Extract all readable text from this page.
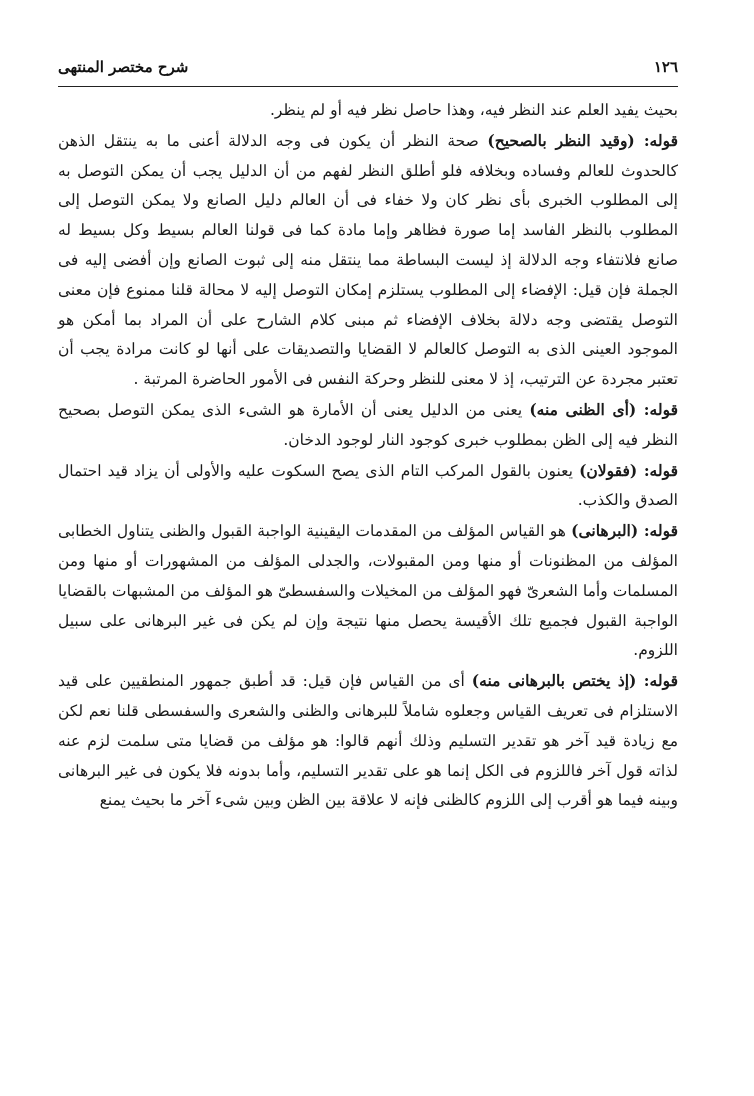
١٢٦
شرح مختصر المنتهى

بحيث يفيد العلم عند النظر فيه، وهذا حاصل نظر فيه أو لم ينظر.

قوله: (وقيد النظر بالصحيح) صحة النظر أن يكون فى وجه الدلالة أعنى ما به ينتقل الذهن كالحدوث للعالم وفساده وبخلافه فلو أطلق النظر لفهم من أن الدليل يجب أن يمكن التوصل به إلى المطلوب الخبرى بأى نظر كان ولا خفاء فى أن العالم دليل الصانع ولا يمكن التوصل إلى المطلوب بالنظر الفاسد إما صورة فظاهر وإما مادة كما فى قولنا العالم بسيط وكل بسيط له صانع فلانتفاء وجه الدلالة إذ ليست البساطة مما ينتقل منه إلى ثبوت الصانع وإن أفضى إليه فى الجملة فإن قيل: الإفضاء إلى المطلوب يستلزم إمكان التوصل إليه لا محالة قلنا ممنوع فإن معنى التوصل يقتضى وجه دلالة بخلاف الإفضاء ثم مبنى كلام الشارح على أن المراد بما أمكن هو الموجود العينى الذى به التوصل كالعالم لا القضايا والتصديقات على أنها لو كانت مرادة يجب أن تعتبر مجردة عن الترتيب، إذ لا معنى للنظر وحركة النفس فى الأمور الحاضرة المرتبة .

قوله: (أى الظنى منه) يعنى من الدليل يعنى أن الأمارة هو الشىء الذى يمكن التوصل بصحيح النظر فيه إلى الظن بمطلوب خبرى كوجود النار لوجود الدخان.

قوله: (فقولان) يعنون بالقول المركب التام الذى يصح السكوت عليه والأولى أن يزاد قيد احتمال الصدق والكذب.

قوله: (البرهانى) هو القياس المؤلف من المقدمات اليقينية الواجبة القبول والظنى يتناول الخطابى المؤلف من المظنونات أو منها ومن المقبولات، والجدلى المؤلف من المشهورات أو منها ومن المسلمات وأما الشعرىّ فهو المؤلف من المخيلات والسفسطىّ هو المؤلف من المشبهات بالقضايا الواجبة القبول فجميع تلك الأقيسة يحصل منها نتيجة وإن لم يكن فى غير البرهانى على سبيل اللزوم.

قوله: (إذ يختص بالبرهانى منه) أى من القياس فإن قيل: قد أطبق جمهور المنطقيين على قيد الاستلزام فى تعريف القياس وجعلوه شاملاً للبرهانى والظنى والشعرى والسفسطى قلنا نعم لكن مع زيادة قيد آخر هو تقدير التسليم وذلك أنهم قالوا: هو مؤلف من قضايا متى سلمت لزم عنه لذاته قول آخر فاللزوم فى الكل إنما هو على تقدير التسليم، وأما بدونه فلا يكون فى غير البرهانى وبينه فيما هو أقرب إلى اللزوم كالظنى فإنه لا علاقة بين الظن وبين شىء آخر ما بحيث يمنع
